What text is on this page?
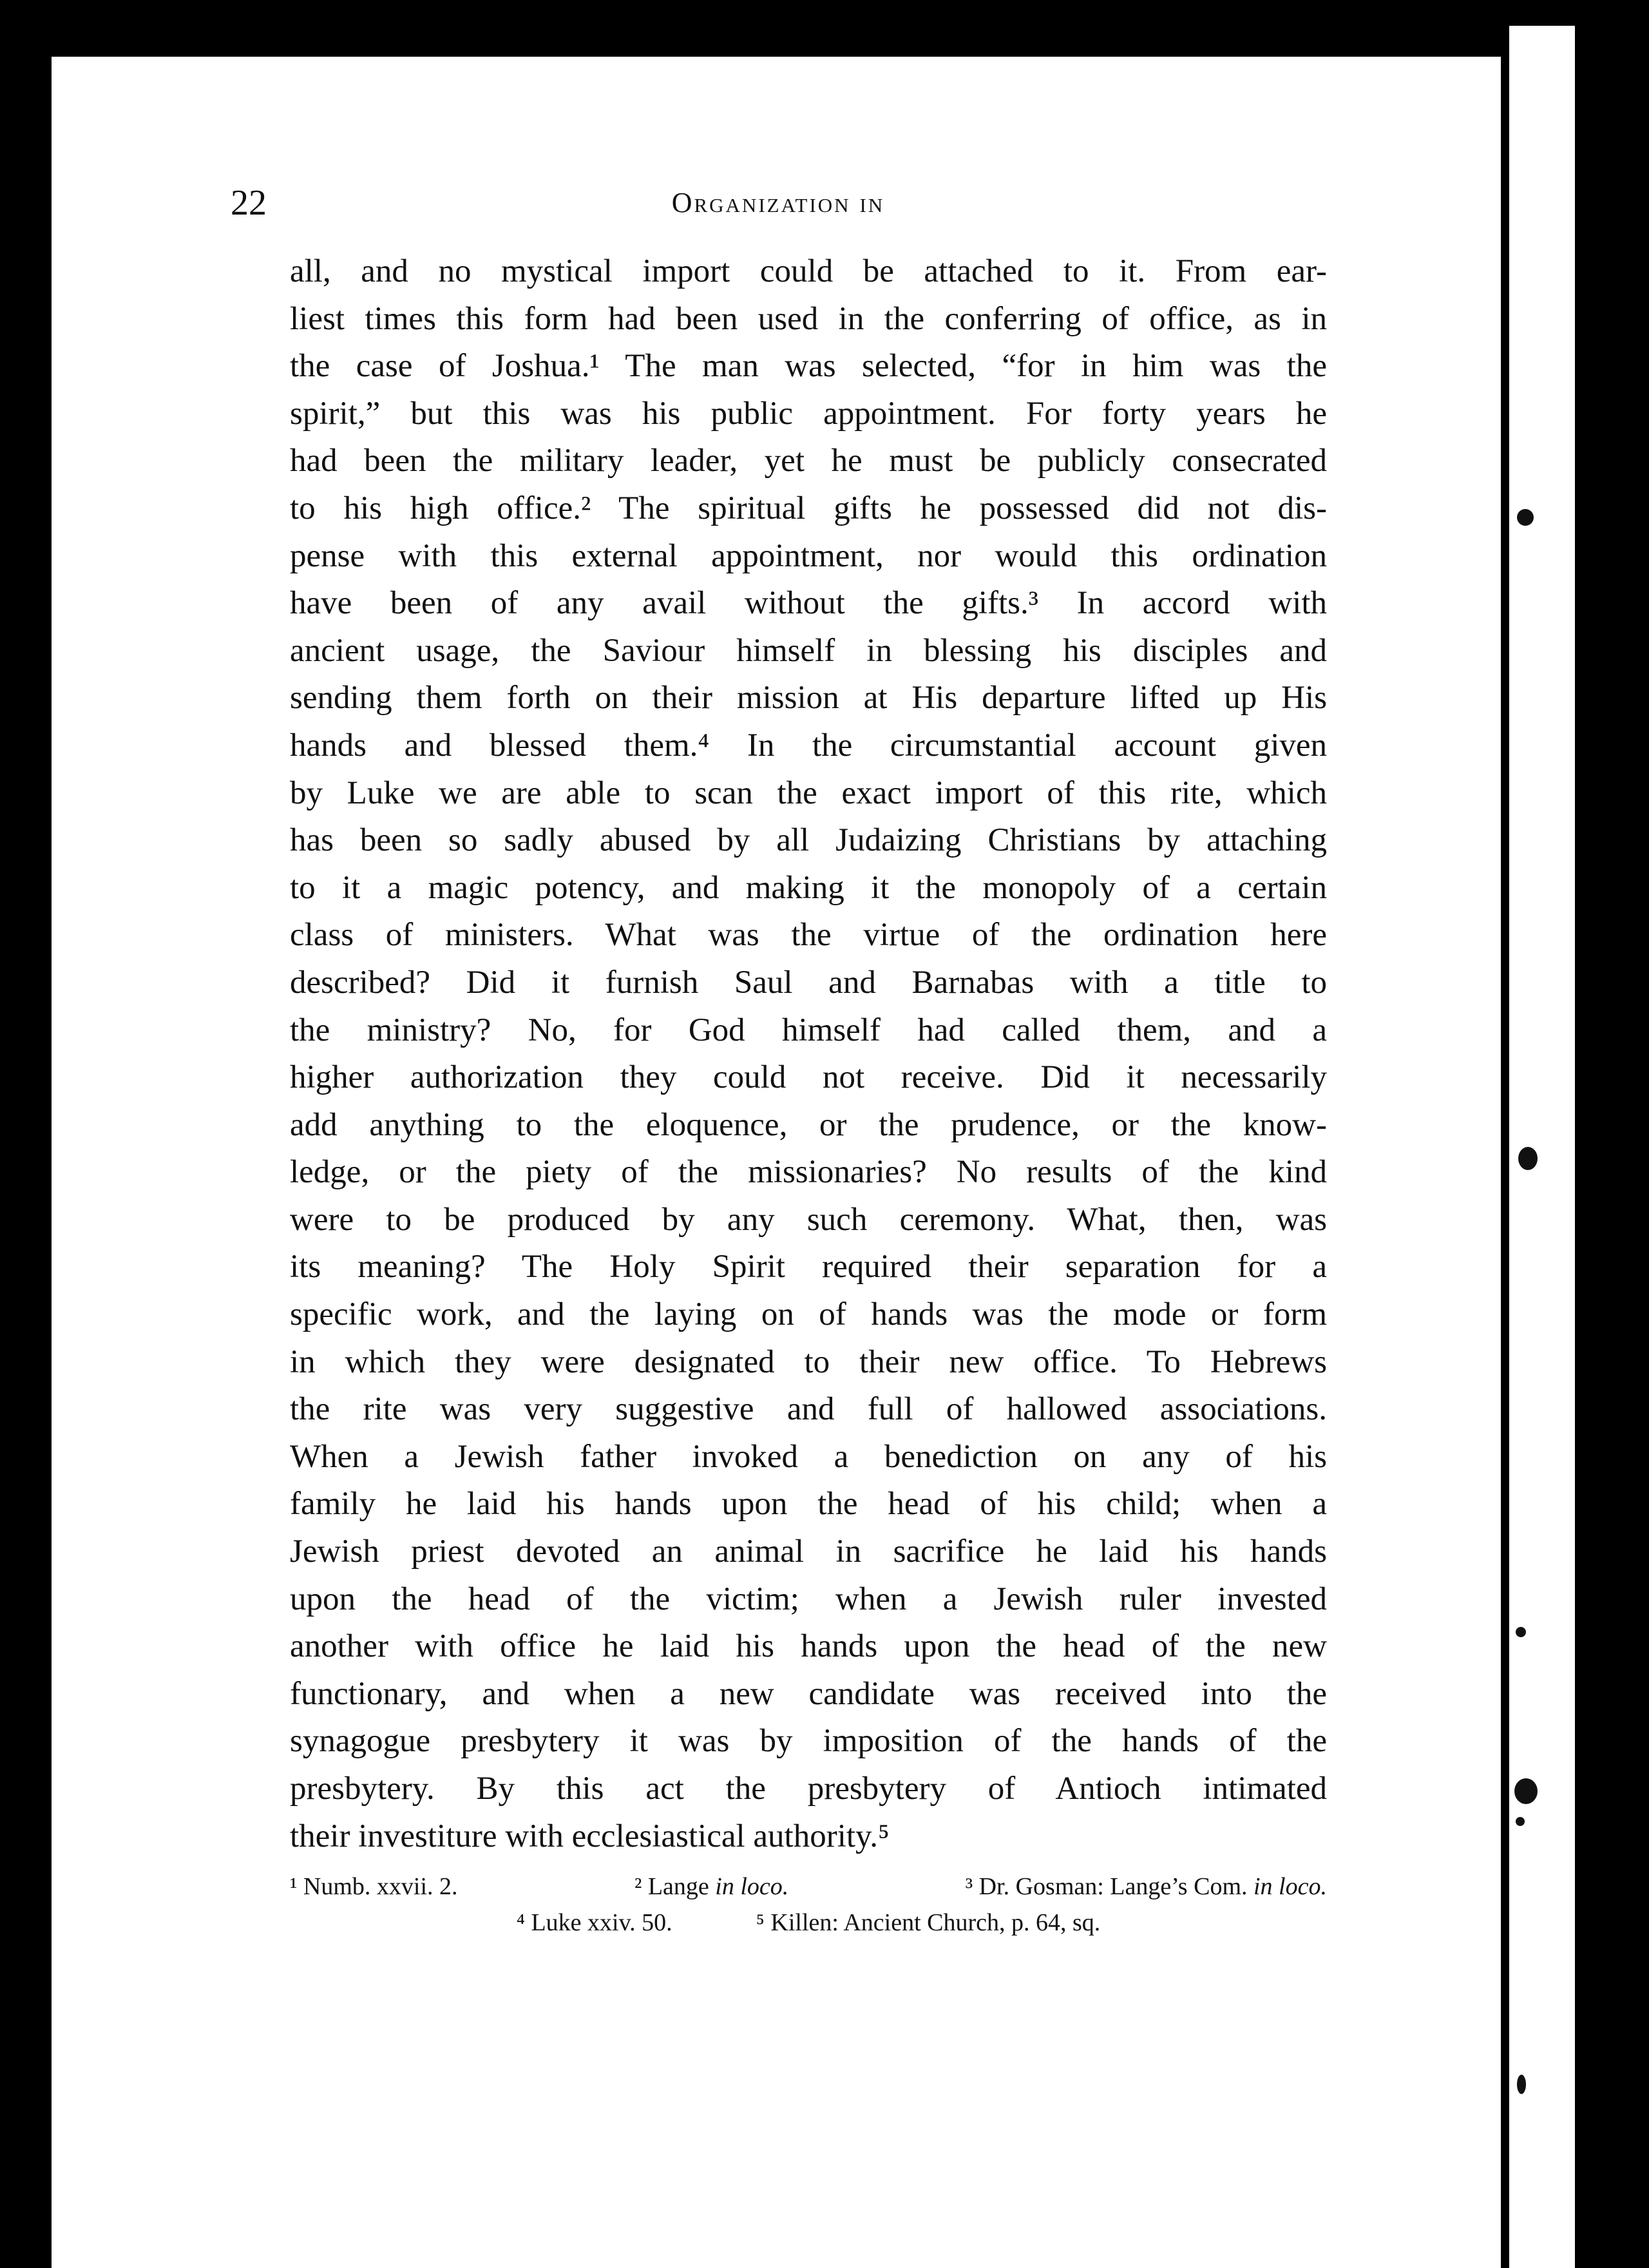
22	Organization in
all, and no mystical import could be attached to it. From ear-
liest times this form had been used in the conferring of office, as in
the case of Joshua.¹ The man was selected, “for in him was the
spirit,” but this was his public appointment. For forty years he
had been the military leader, yet he must be publicly consecrated
to his high office.² The spiritual gifts he possessed did not dis-
pense with this external appointment, nor would this ordination
have been of any avail without the gifts.³ In accord with
ancient usage, the Saviour himself in blessing his disciples and
sending them forth on their mission at His departure lifted up His
hands and blessed them.⁴ In the circumstantial account given
by Luke we are able to scan the exact import of this rite, which
has been so sadly abused by all Judaizing Christians by attaching
to it a magic potency, and making it the monopoly of a certain
class of ministers. What was the virtue of the ordination here
described? Did it furnish Saul and Barnabas with a title to
the ministry? No, for God himself had called them, and a
higher authorization they could not receive. Did it necessarily
add anything to the eloquence, or the prudence, or the know-
ledge, or the piety of the missionaries? No results of the kind
were to be produced by any such ceremony. What, then, was
its meaning? The Holy Spirit required their separation for a
specific work, and the laying on of hands was the mode or form
in which they were designated to their new office. To Hebrews
the rite was very suggestive and full of hallowed associations.
When a Jewish father invoked a benediction on any of his
family he laid his hands upon the head of his child; when a
Jewish priest devoted an animal in sacrifice he laid his hands
upon the head of the victim; when a Jewish ruler invested
another with office he laid his hands upon the head of the new
functionary, and when a new candidate was received into the
synagogue presbytery it was by imposition of the hands of the
presbytery. By this act the presbytery of Antioch intimated
their investiture with ecclesiastical authority.⁵
¹ Numb. xxvii. 2.	² Lange in loco.	³ Dr. Gosman: Lange’s Com. in loco.
⁴ Luke xxiv. 50.	⁵ Killen: Ancient Church, p. 64, sq.
